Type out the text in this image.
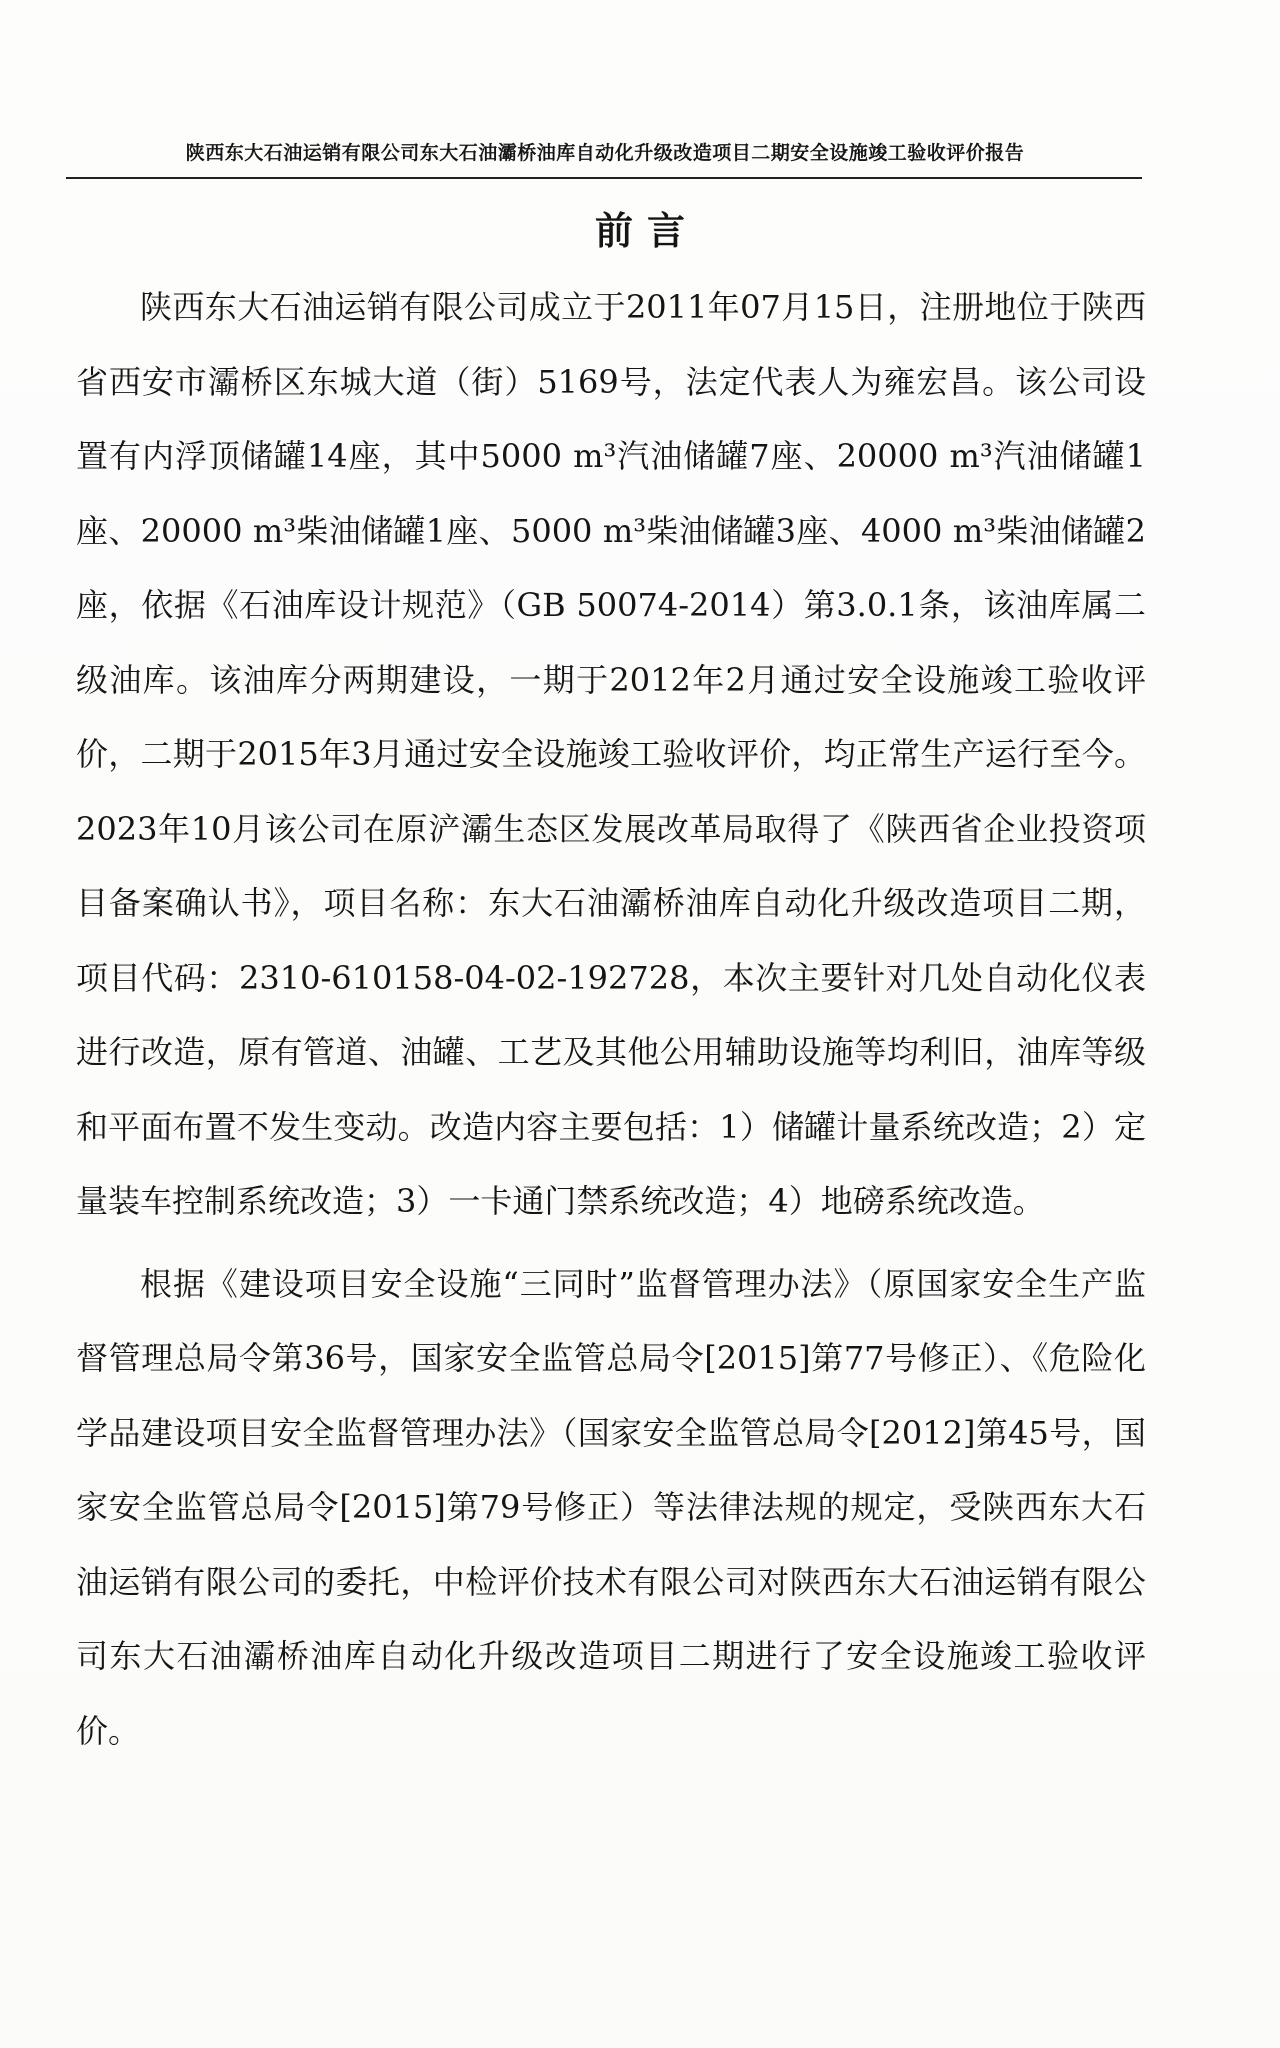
陕西东大石油运销有限公司东大石油灞桥油库自动化升级改造项目二期安全设施竣工验收评价报告
前言

陕西东大石油运销有限公司成立于2011年07月15日，注册地位于陕西省西安市灞桥区东城大道（街）5169号，法定代表人为雍宏昌。该公司设置有内浮顶储罐14座，其中5000 m³汽油储罐7座、20000 m³汽油储罐1座、20000 m³柴油储罐1座、5000 m³柴油储罐3座、4000 m³柴油储罐2座，依据《石油库设计规范》（GB 50074-2014）第3.0.1条，该油库属二级油库。该油库分两期建设，一期于2012年2月通过安全设施竣工验收评价，二期于2015年3月通过安全设施竣工验收评价，均正常生产运行至今。2023年10月该公司在原浐灞生态区发展改革局取得了《陕西省企业投资项目备案确认书》，项目名称：东大石油灞桥油库自动化升级改造项目二期，项目代码：2310-610158-04-02-192728，本次主要针对几处自动化仪表进行改造，原有管道、油罐、工艺及其他公用辅助设施等均利旧，油库等级和平面布置不发生变动。改造内容主要包括：1）储罐计量系统改造；2）定量装车控制系统改造；3）一卡通门禁系统改造；4）地磅系统改造。

根据《建设项目安全设施“三同时”监督管理办法》（原国家安全生产监督管理总局令第36号，国家安全监管总局令[2015]第77号修正）、《危险化学品建设项目安全监督管理办法》（国家安全监管总局令[2012]第45号，国家安全监管总局令[2015]第79号修正）等法律法规的规定，受陕西东大石油运销有限公司的委托，中检评价技术有限公司对陕西东大石油运销有限公司东大石油灞桥油库自动化升级改造项目二期进行了安全设施竣工验收评价。
